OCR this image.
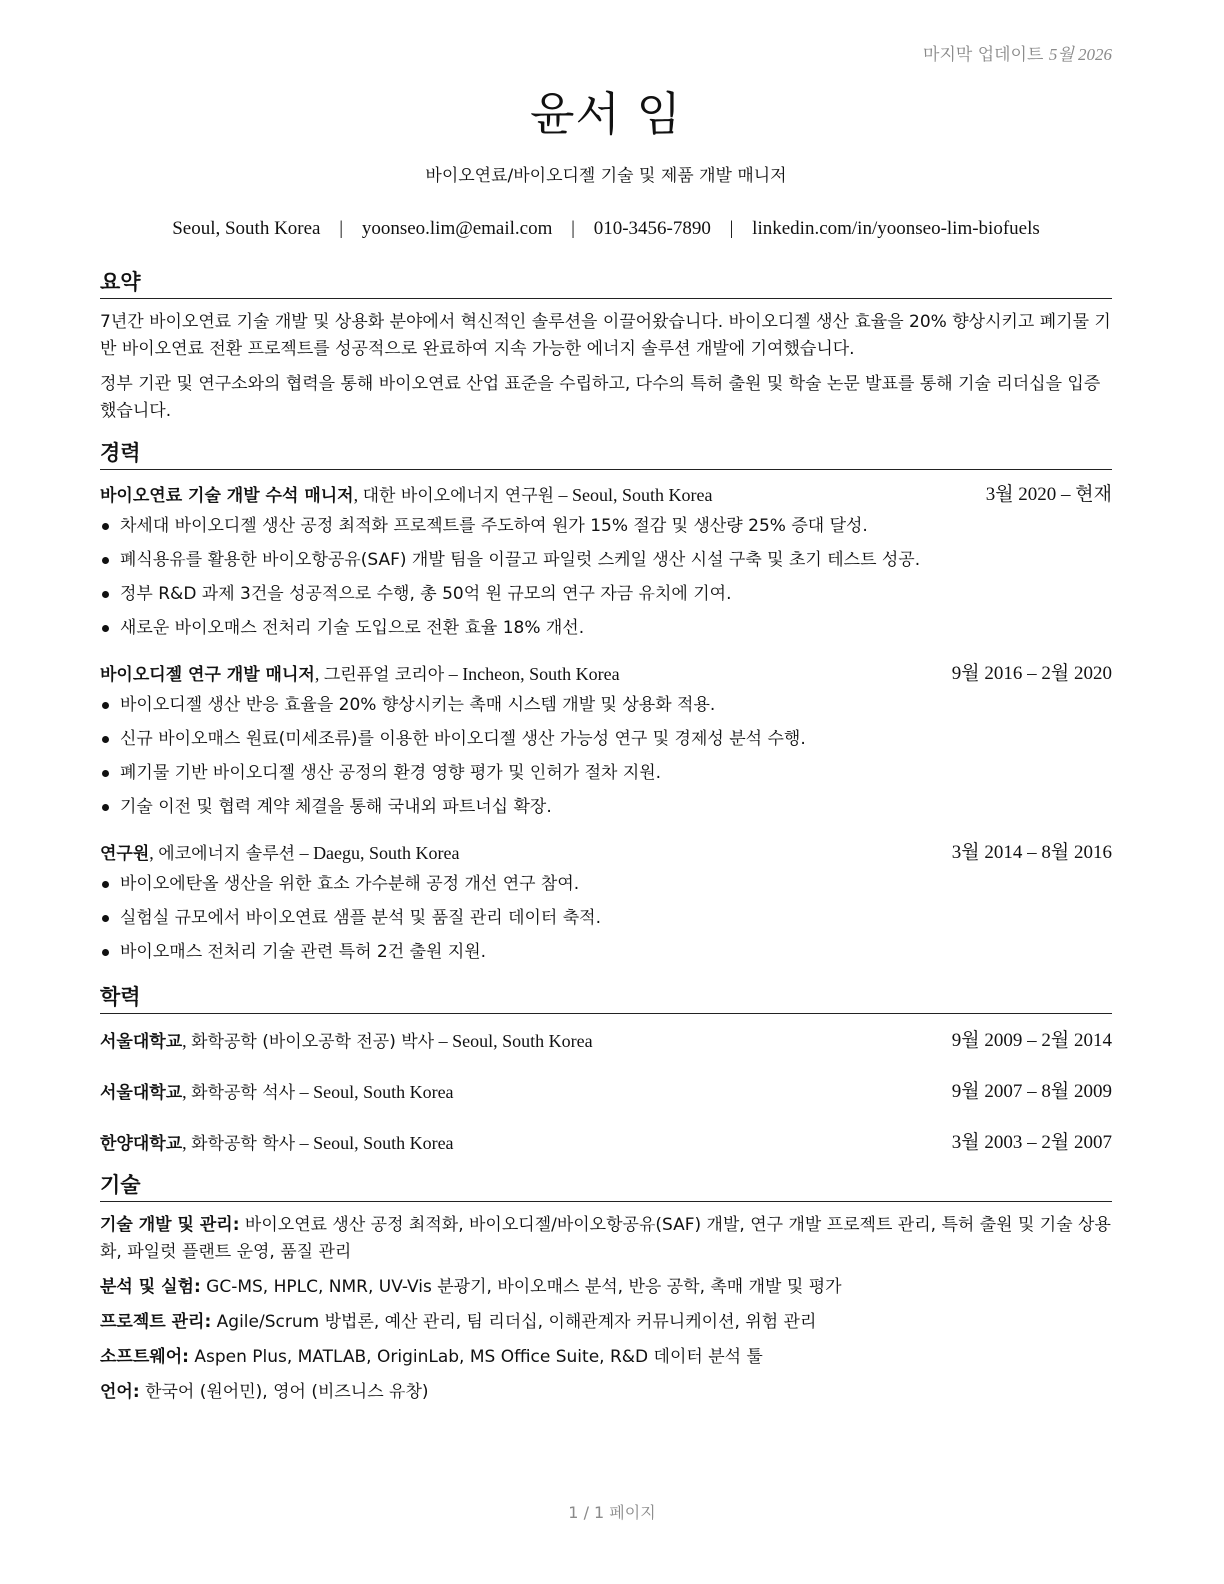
마지막 업데이트 5월 2026
윤서 임
바이오연료/바이오디젤 기술 및 제품 개발 매니저
Seoul, South Korea | yoonseo.lim@email.com | 010-3456-7890 | linkedin.com/in/yoonseo-lim-biofuels
요약

7년간 바이오연료 기술 개발 및 상용화 분야에서 혁신적인 솔루션을 이끌어왔습니다. 바이오디젤 생산 효율을 20% 향상시키고 폐기물 기반 바이오연료 전환 프로젝트를 성공적으로 완료하여 지속 가능한 에너지 솔루션 개발에 기여했습니다.

정부 기관 및 연구소와의 협력을 통해 바이오연료 산업 표준을 수립하고, 다수의 특허 출원 및 학술 논문 발표를 통해 기술 리더십을 입증했습니다.

경력
바이오연료 기술 개발 수석 매니저, 대한 바이오에너지 연구원 – Seoul, South Korea	3월 2020 – 현재
차세대 바이오디젤 생산 공정 최적화 프로젝트를 주도하여 원가 15% 절감 및 생산량 25% 증대 달성.
폐식용유를 활용한 바이오항공유(SAF) 개발 팀을 이끌고 파일럿 스케일 생산 시설 구축 및 초기 테스트 성공.
정부 R&D 과제 3건을 성공적으로 수행, 총 50억 원 규모의 연구 자금 유치에 기여.
새로운 바이오매스 전처리 기술 도입으로 전환 효율 18% 개선.
바이오디젤 연구 개발 매니저, 그린퓨얼 코리아 – Incheon, South Korea	9월 2016 – 2월 2020
바이오디젤 생산 반응 효율을 20% 향상시키는 촉매 시스템 개발 및 상용화 적용.
신규 바이오매스 원료(미세조류)를 이용한 바이오디젤 생산 가능성 연구 및 경제성 분석 수행.
폐기물 기반 바이오디젤 생산 공정의 환경 영향 평가 및 인허가 절차 지원.
기술 이전 및 협력 계약 체결을 통해 국내외 파트너십 확장.
연구원, 에코에너지 솔루션 – Daegu, South Korea	3월 2014 – 8월 2016
바이오에탄올 생산을 위한 효소 가수분해 공정 개선 연구 참여.
실험실 규모에서 바이오연료 샘플 분석 및 품질 관리 데이터 축적.
바이오매스 전처리 기술 관련 특허 2건 출원 지원.
학력
서울대학교, 화학공학 (바이오공학 전공) 박사 – Seoul, South Korea	9월 2009 – 2월 2014
서울대학교, 화학공학 석사 – Seoul, South Korea	9월 2007 – 8월 2009
한양대학교, 화학공학 학사 – Seoul, South Korea	3월 2003 – 2월 2007
기술
기술 개발 및 관리: 바이오연료 생산 공정 최적화, 바이오디젤/바이오항공유(SAF) 개발, 연구 개발 프로젝트 관리, 특허 출원 및 기술 상용화, 파일럿 플랜트 운영, 품질 관리
분석 및 실험: GC-MS, HPLC, NMR, UV-Vis 분광기, 바이오매스 분석, 반응 공학, 촉매 개발 및 평가
프로젝트 관리: Agile/Scrum 방법론, 예산 관리, 팀 리더십, 이해관계자 커뮤니케이션, 위험 관리
소프트웨어: Aspen Plus, MATLAB, OriginLab, MS Office Suite, R&D 데이터 분석 툴
언어: 한국어 (원어민), 영어 (비즈니스 유창)
1 / 1 페이지
